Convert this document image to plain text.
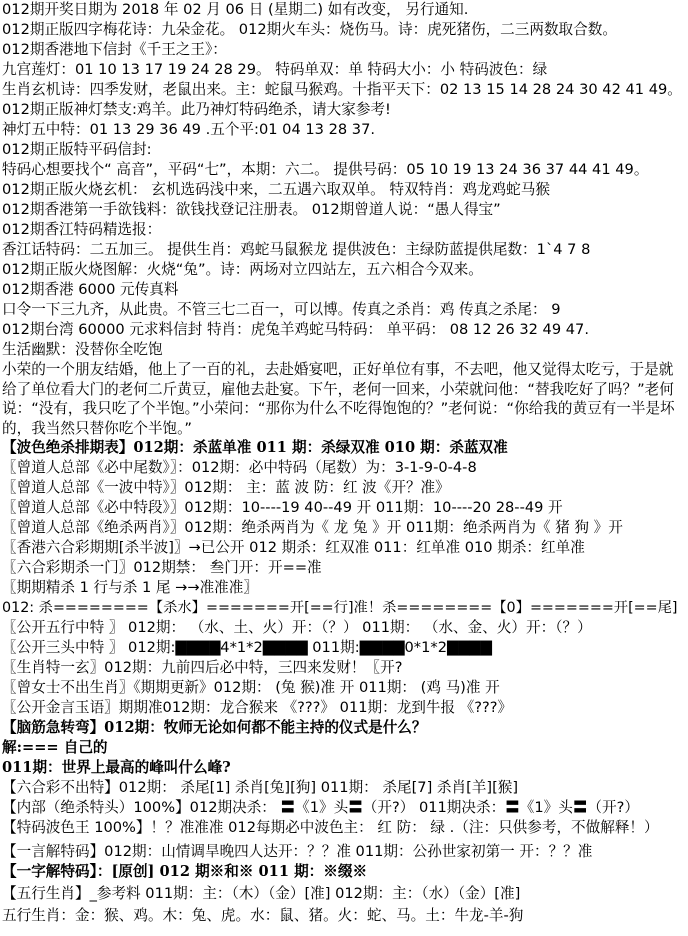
012期开奖日期为 2018 年 02 月 06 日 (星期二) 如有改变， 另行通知.
012期正版四字梅花诗：九朵金花。 012期火车头：烧伤马。诗：虎死猪伤，二三两数取合数。
012期香港地下信封《千王之王》：
九宫莲灯：01 10 13 17 19 24 28 29。 特码单双：单 特码大小：小 特码波色：绿
生肖玄机诗：四季发财，老鼠出来。主：蛇鼠马猴鸡。十指平天下：02 13 15 14 28 24 30 42 41 49。
012期正版神灯禁支:鸡羊。此乃神灯特码绝杀，请大家参考!
神灯五中特：01 13 29 36 49 .五个平:01 04 13 28 37.
012期正版特平码信封:
特码心想要找个“ 高音”，平码“七”，本期：六二。 提供号码：05 10 19 13 24 36 37 44 41 49。
012期正版火烧玄机： 玄机选码浅中来，二五遇六取双单。 特双特肖：鸡龙鸡蛇马猴
012期香港第一手欲钱料：欲钱找登记注册表。 012期曾道人说：“愚人得宝”
012期香江特码精选报：
香江话特码：二五加三。 提供生肖：鸡蛇马鼠猴龙 提供波色：主绿防蓝提供尾数：1`4 7 8
012期正版火烧图解：火烧“兔”。诗：两场对立四站左，五六相合今双来。
012期香港 6000 元传真料
口令一下三九齐，从此贵。不管三七二百一，可以博。传真之杀肖：鸡 传真之杀尾： 9
012期台湾 60000 元求料信封 特肖：虎兔羊鸡蛇马特码： 单平码： 08 12 26 32 49 47.
生活幽默：没替你全吃饱
小荣的一个朋友结婚，他上了一百的礼，去赴婚宴吧，正好单位有事，不去吧，他又觉得太吃亏，于是就给了单位看大门的老何二斤黄豆，雇他去赴宴。下午，老何一回来，小荣就问他：“替我吃好了吗？”老何说：“没有，我只吃了个半饱。”小荣问：“那你为什么不吃得饱饱的？”老何说：“你给我的黄豆有一半是坏的，我当然只替你吃个半饱。”
【波色绝杀排期表】012期：杀蓝单准 011 期：杀绿双准 010 期：杀蓝双准
〖曾道人总部《必中尾数》〗：012期：必中特码（尾数）为：3-1-9-0-4-8
〖曾道人总部《一波中特》〗012期： 主：蓝 波 防：红 波《开？准》
〖曾道人总部《必中特段》〗012期：10----19 40--49 开 011期：10----20 28--49 开
〖曾道人总部《绝杀两肖》〗012期：绝杀两肖为《 龙 兔 》开 011期：绝杀两肖为《 猪 狗 》开
〖香港六合彩期期[杀半波]〗→已公开 012 期杀：红双准 011：红单准 010 期杀：红单准
〖六合彩期杀一门〗012期禁： 叁门开：开==准
〖期期精杀 1 行与杀 1 尾 →→准准准〗
012: 杀========【杀水】=======开[==行]准！杀========【0】=======开[==尾]
〖公开五行中特 〗 012期： （水、土、火）开：（？） 011期： （水、金、火）开：（？）
〖公开三头中特 〗 012期:▇▇▇▇4*1*2▇▇▇▇ 011期:▇▇▇▇0*1*2▇▇▇▇
〖生肖特一玄〗012期：九前四后必中特，三四来发财！〖开?
〖曾女士不出生肖〗《期期更新》012期： (兔 猴)准 开 011期： (鸡 马)准 开
〖公开金言玉语〗期期准012期：龙合猴来 《???》 011期：龙到牛报 《???》
【脑筋急转弯】012期：牧师无论如何都不能主持的仪式是什么？
解:=== 自己的
011期：世界上最高的峰叫什么峰?
【六合彩不出特】012期： 杀尾[1] 杀肖[兔][狗] 011期： 杀尾[7] 杀肖[羊][猴]
【内部（绝杀特头）100%】012期决杀： 〓《1》头〓（开?） 011期决杀：〓《1》头〓（开?）
【特码波色王 100%】！？准准准 012每期必中波色主： 红 防： 绿 .（注：只供参考，不做解释！）
【一言解特码】012期：山情调旱晚四人达开：？？准 011期：公孙世家初第一 开：？？准
【一字解特码】：[原创] 012 期※和※ 011 期：※缀※
【五行生肖】_参考料 011期：主：（木）（金）[准] 012期：主：（水）（金）[准]
五行生肖：金：猴、鸡。木：兔、虎。水：鼠、猪。火：蛇、马。土：牛龙-羊-狗
